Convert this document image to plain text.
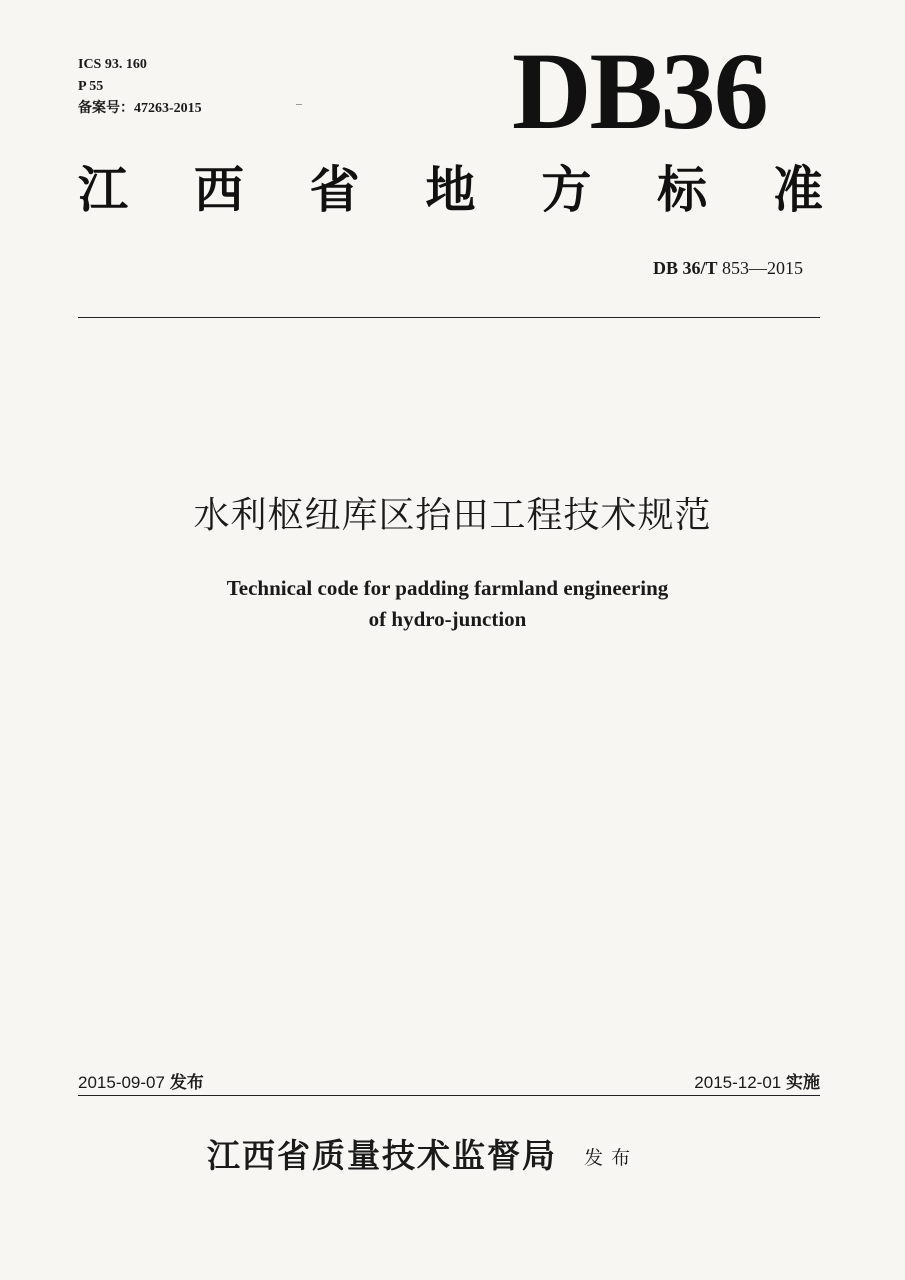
ICS 93. 160
P 55
备案号：47263-2015	DB36
江 西 省 地 方 标 准
DB 36/T 853—2015
水利枢纽库区抬田工程技术规范
Technical code for padding farmland engineering
of hydro-junction
2015-09-07 发布	2015-12-01 实施
江西省质量技术监督局 发布
